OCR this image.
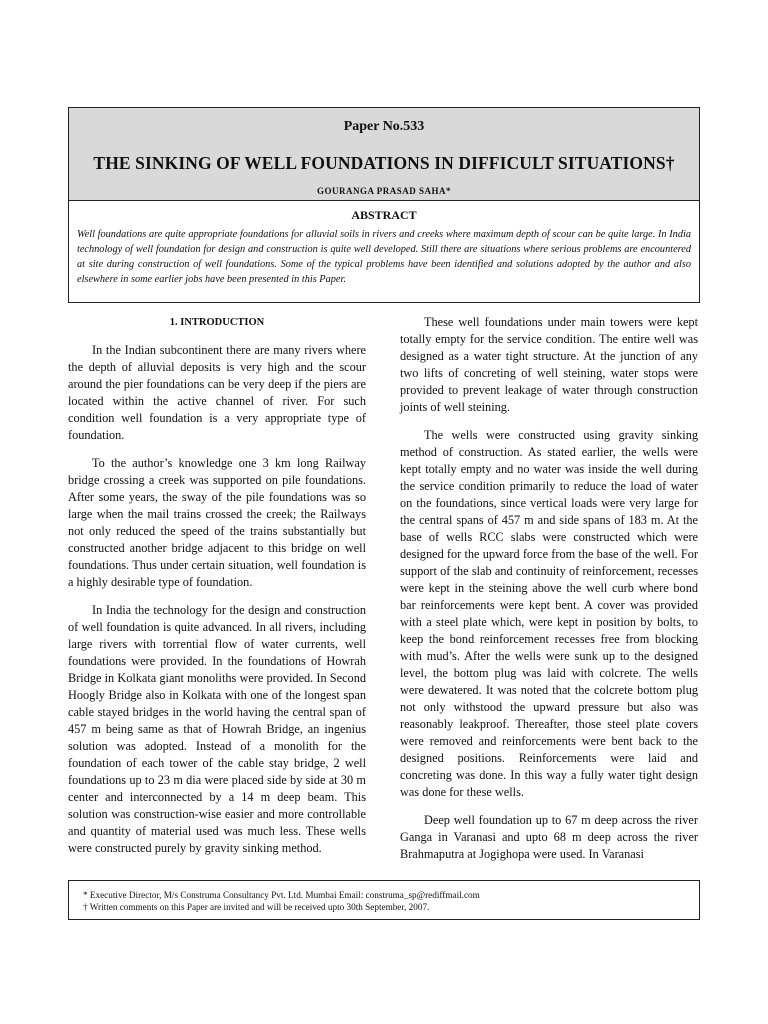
Paper No.533
THE SINKING OF WELL FOUNDATIONS IN DIFFICULT SITUATIONS†
GOURANGA PRASAD SAHA*
ABSTRACT

Well foundations are quite appropriate foundations for alluvial soils in rivers and creeks where maximum depth of scour can be quite large. In India technology of well foundation for design and construction is quite well developed. Still there are situations where serious problems are encountered at site during construction of well foundations. Some of the typical problems have been identified and solutions adopted by the author and also elsewhere in some earlier jobs have been presented in this Paper.

1. INTRODUCTION

In the Indian subcontinent there are many rivers where the depth of alluvial deposits is very high and the scour around the pier foundations can be very deep if the piers are located within the active channel of river. For such condition well foundation is a very appropriate type of foundation.

To the author’s knowledge one 3 km long Railway bridge crossing a creek was supported on pile foundations. After some years, the sway of the pile foundations was so large when the mail trains crossed the creek; the Railways not only reduced the speed of the trains substantially but constructed another bridge adjacent to this bridge on well foundations. Thus under certain situation, well foundation is a highly desirable type of foundation.

In India the technology for the design and construction of well foundation is quite advanced. In all rivers, including large rivers with torrential flow of water currents, well foundations were provided. In the foundations of Howrah Bridge in Kolkata giant monoliths were provided. In Second Hoogly Bridge also in Kolkata with one of the longest span cable stayed bridges in the world having the central span of 457 m being same as that of Howrah Bridge, an ingenius solution was adopted. Instead of a monolith for the foundation of each tower of the cable stay bridge, 2 well foundations up to 23 m dia were placed side by side at 30 m center and interconnected by a 14 m deep beam. This solution was construction-wise easier and more controllable and quantity of material used was much less. These wells were constructed purely by gravity sinking method.

These well foundations under main towers were kept totally empty for the service condition. The entire well was designed as a water tight structure. At the junction of any two lifts of concreting of well steining, water stops were provided to prevent leakage of water through construction joints of well steining.

The wells were constructed using gravity sinking method of construction. As stated earlier, the wells were kept totally empty and no water was inside the well during the service condition primarily to reduce the load of water on the foundations, since vertical loads were very large for the central spans of 457 m and side spans of 183 m. At the base of wells RCC slabs were constructed which were designed for the upward force from the base of the well. For support of the slab and continuity of reinforcement, recesses were kept in the steining above the well curb where bond bar reinforcements were kept bent. A cover was provided with a steel plate which, were kept in position by bolts, to keep the bond reinforcement recesses free from blocking with mud’s. After the wells were sunk up to the designed level, the bottom plug was laid with colcrete. The wells were dewatered. It was noted that the colcrete bottom plug not only withstood the upward pressure but also was reasonably leakproof. Thereafter, those steel plate covers were removed and reinforcements were bent back to the designed positions. Reinforcements were laid and concreting was done. In this way a fully water tight design was done for these wells.

Deep well foundation up to 67 m deep across the river Ganga in Varanasi and upto 68 m deep across the river Brahmaputra at Jogighopa were used. In Varanasi

* Executive Director, M/s Construma Consultancy Pvt. Ltd. Mumbai Email: construma_sp@rediffmail.com
† Written comments on this Paper are invited and will be received upto 30th September, 2007.
